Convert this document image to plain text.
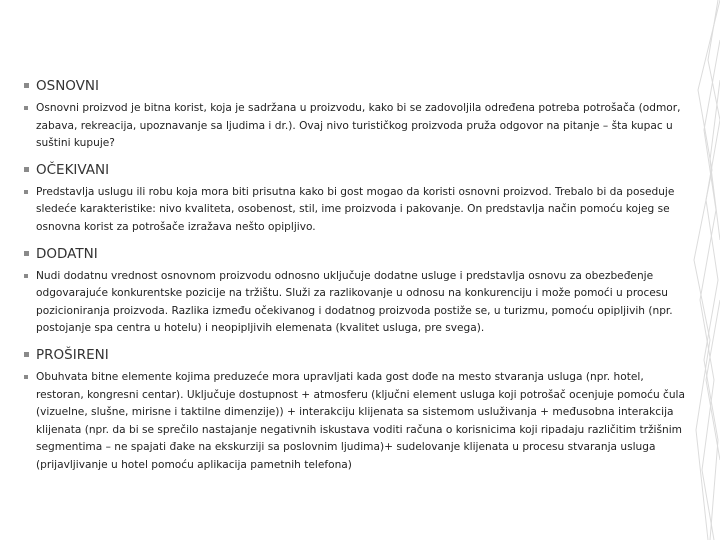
OSNOVNI
Osnovni proizvod je bitna korist, koja je sadržana u proizvodu, kako bi se zadovoljila određena potreba potrošača (odmor, zabava, rekreacija, upoznavanje sa ljudima i dr.). Ovaj nivo turističkog proizvoda pruža odgovor na pitanje – šta kupac u suštini kupuje?
OČEKIVANI
Predstavlja uslugu ili robu koja mora biti prisutna kako bi gost mogao da koristi osnovni proizvod. Trebalo bi da poseduje sledeće karakteristike: nivo kvaliteta, osobenost, stil, ime proizvoda i pakovanje. On predstavlja način pomoću kojeg se osnovna korist za potrošače izražava nešto opipljivo.
DODATNI
Nudi dodatnu vrednost osnovnom proizvodu odnosno uključuje dodatne usluge i predstavlja osnovu za obezbeđenje odgovarajuće konkurentske pozicije na tržištu. Služi za razlikovanje u odnosu na konkurenciju i može pomoći u procesu pozicioniranja proizvoda. Razlika između očekivanog i dodatnog proizvoda postiže se, u turizmu, pomoću opipljivih (npr. postojanje spa centra u hotelu) i neopipljivih elemenata (kvalitet usluga, pre svega).
PROŠIRENI
Obuhvata bitne elemente kojima preduzeće mora upravljati kada gost dođe na mesto stvaranja usluga (npr. hotel, restoran, kongresni centar). Uključuje dostupnost + atmosferu (ključni element usluga koji potrošač ocenjuje pomoću čula (vizuelne, slušne, mirisne i taktilne dimenzije)) + interakciju klijenata sa sistemom usluživanja + međusobna interakcija klijenata (npr. da bi se sprečilo nastajanje negativnih iskustava voditi računa o korisnicima koji ripadaju različitim tržišnim segmentima – ne spajati đake na ekskurziji sa poslovnim ljudima)+ sudelovanje klijenata u procesu stvaranja usluga (prijavljivanje u hotel pomoću aplikacija pametnih telefona)
